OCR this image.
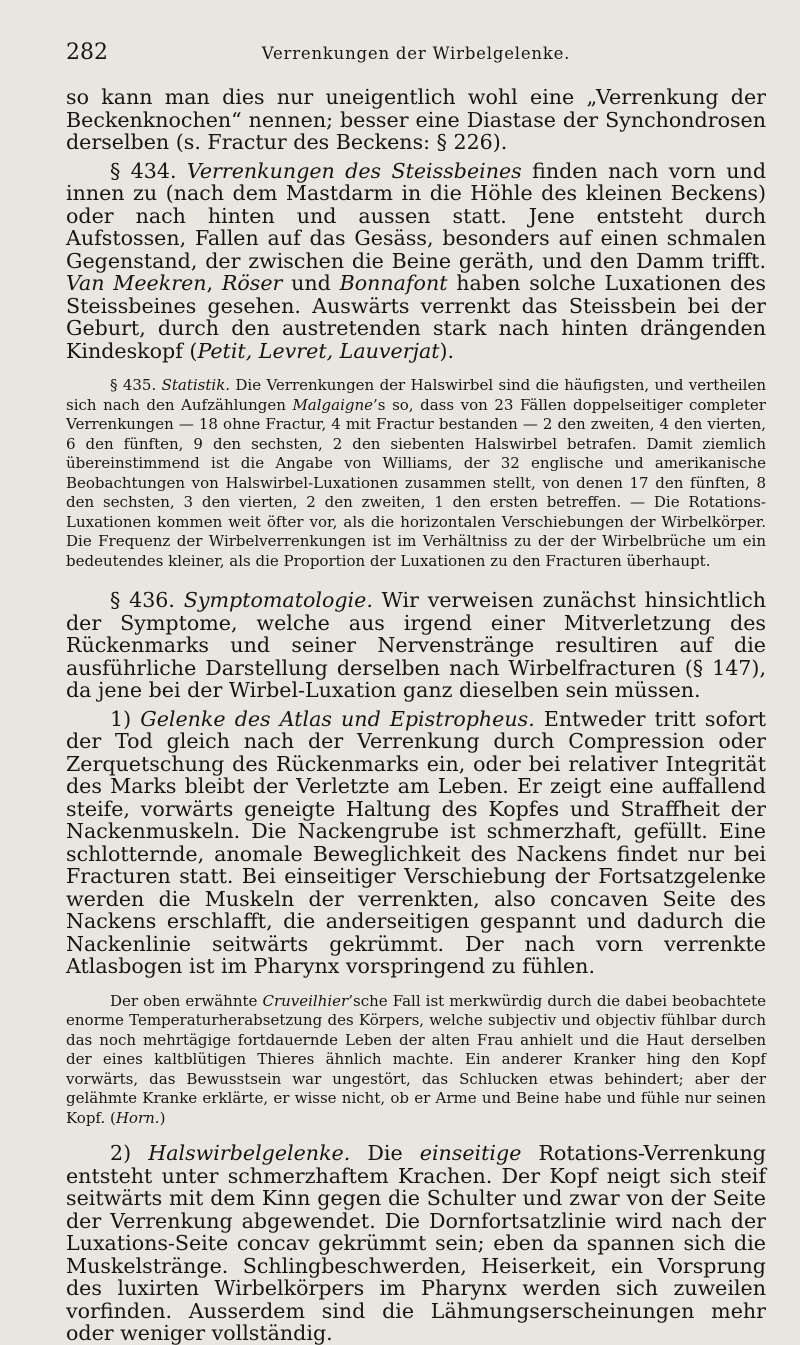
282	Verrenkungen der Wirbelgelenke.

so kann man dies nur uneigentlich wohl eine „Verrenkung der Beckenknochen“ nennen; besser eine Diastase der Synchondrosen derselben (s. Fractur des Beckens: § 226).

§ 434. Verrenkungen des Steissbeines finden nach vorn und innen zu (nach dem Mastdarm in die Höhle des kleinen Beckens) oder nach hinten und aussen statt. Jene entsteht durch Aufstossen, Fallen auf das Gesäss, besonders auf einen schmalen Gegenstand, der zwischen die Beine geräth, und den Damm trifft. Van Meekren, Röser und Bonnafont haben solche Luxationen des Steissbeines gesehen. Auswärts verrenkt das Steissbein bei der Geburt, durch den austretenden stark nach hinten drängenden Kindeskopf (Petit, Levret, Lauverjat).

§ 435. Statistik. Die Verrenkungen der Halswirbel sind die häufigsten, und vertheilen sich nach den Aufzählungen Malgaigne’s so, dass von 23 Fällen doppelseitiger completer Verrenkungen — 18 ohne Fractur, 4 mit Fractur bestanden — 2 den zweiten, 4 den vierten, 6 den fünften, 9 den sechsten, 2 den siebenten Halswirbel betrafen. Damit ziemlich übereinstimmend ist die Angabe von Williams, der 32 englische und amerikanische Beobachtungen von Halswirbel-Luxationen zusammen stellt, von denen 17 den fünften, 8 den sechsten, 3 den vierten, 2 den zweiten, 1 den ersten betreffen. — Die Rotations-Luxationen kommen weit öfter vor, als die horizontalen Verschiebungen der Wirbelkörper. Die Frequenz der Wirbelverrenkungen ist im Verhältniss zu der der Wirbelbrüche um ein bedeutendes kleiner, als die Proportion der Luxationen zu den Fracturen überhaupt.

§ 436. Symptomatologie. Wir verweisen zunächst hinsichtlich der Symptome, welche aus irgend einer Mitverletzung des Rückenmarks und seiner Nervenstränge resultiren auf die ausführliche Darstellung derselben nach Wirbelfracturen (§ 147), da jene bei der Wirbel-Luxation ganz dieselben sein müssen.

1) Gelenke des Atlas und Epistropheus. Entweder tritt sofort der Tod gleich nach der Verrenkung durch Compression oder Zerquetschung des Rückenmarks ein, oder bei relativer Integrität des Marks bleibt der Verletzte am Leben. Er zeigt eine auffallend steife, vorwärts geneigte Haltung des Kopfes und Straffheit der Nackenmuskeln. Die Nackengrube ist schmerzhaft, gefüllt. Eine schlotternde, anomale Beweglichkeit des Nackens findet nur bei Fracturen statt. Bei einseitiger Verschiebung der Fortsatzgelenke werden die Muskeln der verrenkten, also concaven Seite des Nackens erschlafft, die anderseitigen gespannt und dadurch die Nackenlinie seitwärts gekrümmt. Der nach vorn verrenkte Atlasbogen ist im Pharynx vorspringend zu fühlen.

Der oben erwähnte Cruveilhier’sche Fall ist merkwürdig durch die dabei beobachtete enorme Temperaturherabsetzung des Körpers, welche subjectiv und objectiv fühlbar durch das noch mehrtägige fortdauernde Leben der alten Frau anhielt und die Haut derselben der eines kaltblütigen Thieres ähnlich machte. Ein anderer Kranker hing den Kopf vorwärts, das Bewusstsein war ungestört, das Schlucken etwas behindert; aber der gelähmte Kranke erklärte, er wisse nicht, ob er Arme und Beine habe und fühle nur seinen Kopf. (Horn.)

2) Halswirbelgelenke. Die einseitige Rotations-Verrenkung entsteht unter schmerzhaftem Krachen. Der Kopf neigt sich steif seitwärts mit dem Kinn gegen die Schulter und zwar von der Seite der Verrenkung abgewendet. Die Dornfortsatzlinie wird nach der Luxations-Seite concav gekrümmt sein; eben da spannen sich die Muskelstränge. Schlingbeschwerden, Heiserkeit, ein Vorsprung des luxirten Wirbelkörpers im Pharynx werden sich zuweilen vorfinden. Ausserdem sind die Lähmungserscheinungen mehr oder weniger vollständig.
